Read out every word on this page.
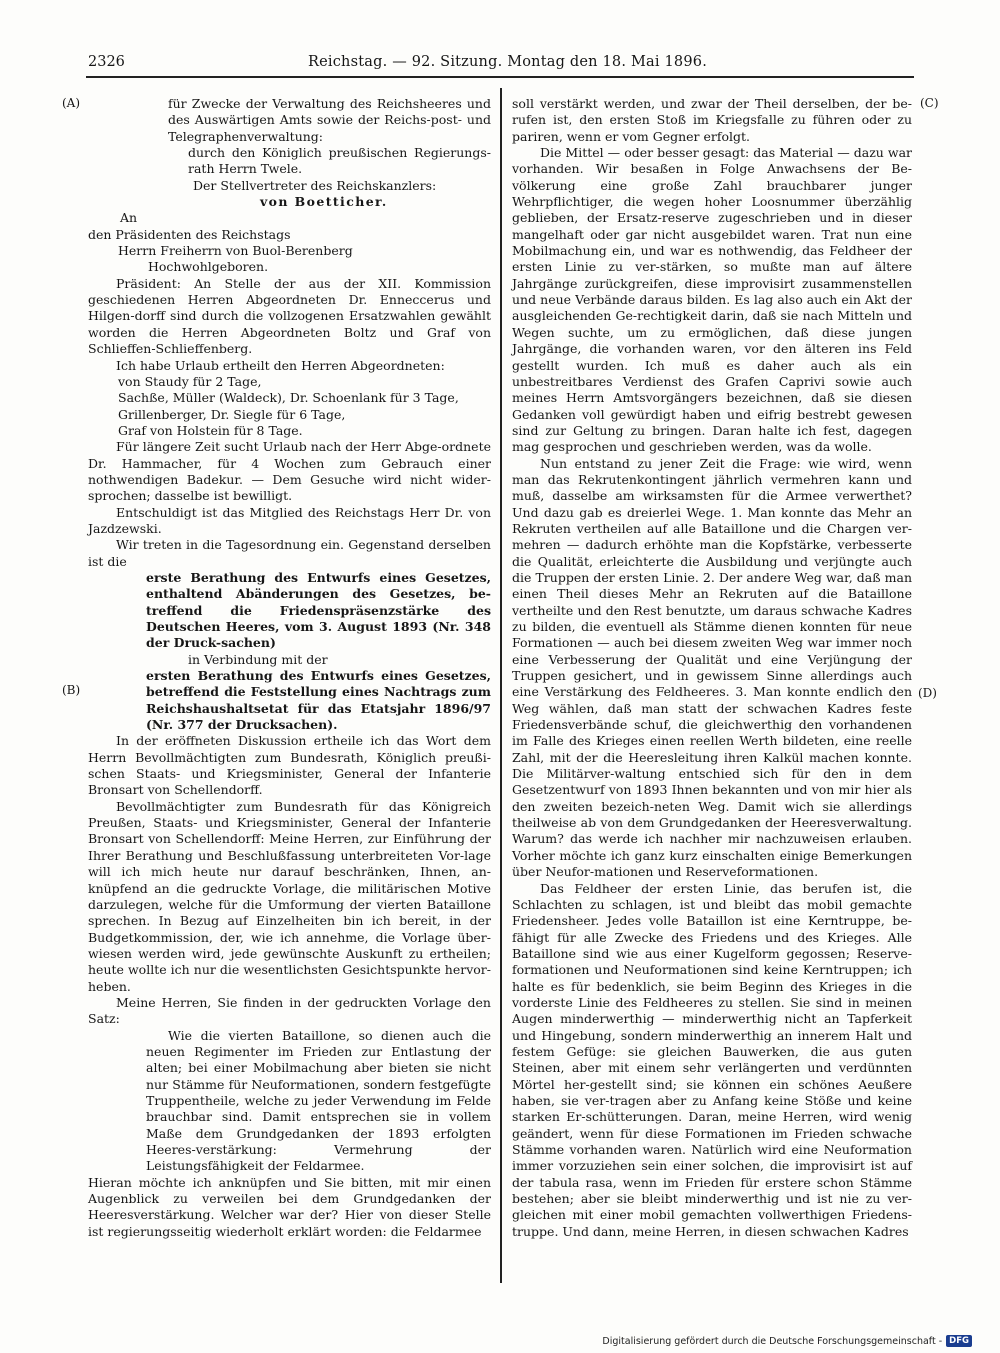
2326	Reichstag. — 92. Sitzung. Montag den 18. Mai 1896.
(A)
(B)
(C)
(D)

für Zwecke der Verwaltung des Reichsheeres und des Auswärtigen Amts sowie der Reichs-post- und Telegraphenverwaltung:

durch den Königlich preußischen Regierungs-rath Herrn Twele.

Der Stellvertreter des Reichskanzlers:

von Boetticher.

An

den Präsidenten des Reichstags

Herrn Freiherrn von Buol-Berenberg

Hochwohlgeboren.

Präsident: An Stelle der aus der XII. Kommission geschiedenen Herren Abgeordneten Dr. Enneccerus und Hilgen-dorff sind durch die vollzogenen Ersatzwahlen gewählt worden die Herren Abgeordneten Boltz und Graf von Schlieffen-Schlieffenberg.

Ich habe Urlaub ertheilt den Herren Abgeordneten:

von Staudy für 2 Tage,

Sachße, Müller (Waldeck), Dr. Schoenlank für 3 Tage,

Grillenberger, Dr. Siegle für 6 Tage,

Graf von Holstein für 8 Tage.

Für längere Zeit sucht Urlaub nach der Herr Abge-ordnete Dr. Hammacher, für 4 Wochen zum Gebrauch einer nothwendigen Badekur. — Dem Gesuche wird nicht wider-sprochen; dasselbe ist bewilligt.

Entschuldigt ist das Mitglied des Reichstags Herr Dr. von Jazdzewski.

Wir treten in die Tagesordnung ein. Gegenstand derselben ist die

erste Berathung des Entwurfs eines Gesetzes, enthaltend Abänderungen des Gesetzes, be-treffend die Friedenspräsenzstärke des Deutschen Heeres, vom 3. August 1893 (Nr. 348 der Druck-sachen)

in Verbindung mit der

ersten Berathung des Entwurfs eines Gesetzes, betreffend die Feststellung eines Nachtrags zum Reichshaushaltsetat für das Etatsjahr 1896/97 (Nr. 377 der Drucksachen).

In der eröffneten Diskussion ertheile ich das Wort dem Herrn Bevollmächtigten zum Bundesrath, Königlich preußi-schen Staats- und Kriegsminister, General der Infanterie Bronsart von Schellendorff.

Bevollmächtigter zum Bundesrath für das Königreich Preußen, Staats- und Kriegsminister, General der Infanterie Bronsart von Schellendorff: Meine Herren, zur Einführung der Ihrer Berathung und Beschlußfassung unterbreiteten Vor-lage will ich mich heute nur darauf beschränken, Ihnen, an-knüpfend an die gedruckte Vorlage, die militärischen Motive darzulegen, welche für die Umformung der vierten Bataillone sprechen. In Bezug auf Einzelheiten bin ich bereit, in der Budgetkommission, der, wie ich annehme, die Vorlage über-wiesen werden wird, jede gewünschte Auskunft zu ertheilen; heute wollte ich nur die wesentlichsten Gesichtspunkte hervor-heben.

Meine Herren, Sie finden in der gedruckten Vorlage den Satz:

Wie die vierten Bataillone, so dienen auch die neuen Regimenter im Frieden zur Entlastung der alten; bei einer Mobilmachung aber bieten sie nicht nur Stämme für Neuformationen, sondern festgefügte Truppentheile, welche zu jeder Verwendung im Felde brauchbar sind. Damit entsprechen sie in vollem Maße dem Grundgedanken der 1893 erfolgten Heeres-verstärkung: Vermehrung der Leistungsfähigkeit der Feldarmee.

Hieran möchte ich anknüpfen und Sie bitten, mit mir einen Augenblick zu verweilen bei dem Grundgedanken der Heeresverstärkung. Welcher war der? Hier von dieser Stelle ist regierungsseitig wiederholt erklärt worden: die Feldarmee

soll verstärkt werden, und zwar der Theil derselben, der be-rufen ist, den ersten Stoß im Kriegsfalle zu führen oder zu pariren, wenn er vom Gegner erfolgt.

Die Mittel — oder besser gesagt: das Material — dazu war vorhanden. Wir besaßen in Folge Anwachsens der Be-völkerung eine große Zahl brauchbarer junger Wehrpflichtiger, die wegen hoher Loosnummer überzählig geblieben, der Ersatz-reserve zugeschrieben und in dieser mangelhaft oder gar nicht ausgebildet waren. Trat nun eine Mobilmachung ein, und war es nothwendig, das Feldheer der ersten Linie zu ver-stärken, so mußte man auf ältere Jahrgänge zurückgreifen, diese improvisirt zusammenstellen und neue Verbände daraus bilden. Es lag also auch ein Akt der ausgleichenden Ge-rechtigkeit darin, daß sie nach Mitteln und Wegen suchte, um zu ermöglichen, daß diese jungen Jahrgänge, die vorhanden waren, vor den älteren ins Feld gestellt wurden. Ich muß es daher auch als ein unbestreitbares Verdienst des Grafen Caprivi sowie auch meines Herrn Amtsvorgängers bezeichnen, daß sie diesen Gedanken voll gewürdigt haben und eifrig bestrebt gewesen sind zur Geltung zu bringen. Daran halte ich fest, dagegen mag gesprochen und geschrieben werden, was da wolle.

Nun entstand zu jener Zeit die Frage: wie wird, wenn man das Rekrutenkontingent jährlich vermehren kann und muß, dasselbe am wirksamsten für die Armee verwerthet? Und dazu gab es dreierlei Wege. 1. Man konnte das Mehr an Rekruten vertheilen auf alle Bataillone und die Chargen ver-mehren — dadurch erhöhte man die Kopfstärke, verbesserte die Qualität, erleichterte die Ausbildung und verjüngte auch die Truppen der ersten Linie. 2. Der andere Weg war, daß man einen Theil dieses Mehr an Rekruten auf die Bataillone vertheilte und den Rest benutzte, um daraus schwache Kadres zu bilden, die eventuell als Stämme dienen konnten für neue Formationen — auch bei diesem zweiten Weg war immer noch eine Verbesserung der Qualität und eine Verjüngung der Truppen gesichert, und in gewissem Sinne allerdings auch eine Verstärkung des Feldheeres. 3. Man konnte endlich den Weg wählen, daß man statt der schwachen Kadres feste Friedensverbände schuf, die gleichwerthig den vorhandenen im Falle des Krieges einen reellen Werth bildeten, eine reelle Zahl, mit der die Heeresleitung ihren Kalkül machen konnte. Die Militärver-waltung entschied sich für den in dem Gesetzentwurf von 1893 Ihnen bekannten und von mir hier als den zweiten bezeich-neten Weg. Damit wich sie allerdings theilweise ab von dem Grundgedanken der Heeresverwaltung. Warum? das werde ich nachher mir nachzuweisen erlauben. Vorher möchte ich ganz kurz einschalten einige Bemerkungen über Neufor-mationen und Reserveformationen.

Das Feldheer der ersten Linie, das berufen ist, die Schlachten zu schlagen, ist und bleibt das mobil gemachte Friedensheer. Jedes volle Bataillon ist eine Kerntruppe, be-fähigt für alle Zwecke des Friedens und des Krieges. Alle Bataillone sind wie aus einer Kugelform gegossen; Reserve-formationen und Neuformationen sind keine Kerntruppen; ich halte es für bedenklich, sie beim Beginn des Krieges in die vorderste Linie des Feldheeres zu stellen. Sie sind in meinen Augen minderwerthig — minderwerthig nicht an Tapferkeit und Hingebung, sondern minderwerthig an innerem Halt und festem Gefüge: sie gleichen Bauwerken, die aus guten Steinen, aber mit einem sehr verlängerten und verdünnten Mörtel her-gestellt sind; sie können ein schönes Aeußere haben, sie ver-tragen aber zu Anfang keine Stöße und keine starken Er-schütterungen. Daran, meine Herren, wird wenig geändert, wenn für diese Formationen im Frieden schwache Stämme vorhanden waren. Natürlich wird eine Neuformation immer vorzuziehen sein einer solchen, die improvisirt ist auf der tabula rasa, wenn im Frieden für erstere schon Stämme bestehen; aber sie bleibt minderwerthig und ist nie zu ver-gleichen mit einer mobil gemachten vollwerthigen Friedens-truppe. Und dann, meine Herren, in diesen schwachen Kadres

Digitalisierung gefördert durch die Deutsche Forschungsgemeinschaft - DFG
